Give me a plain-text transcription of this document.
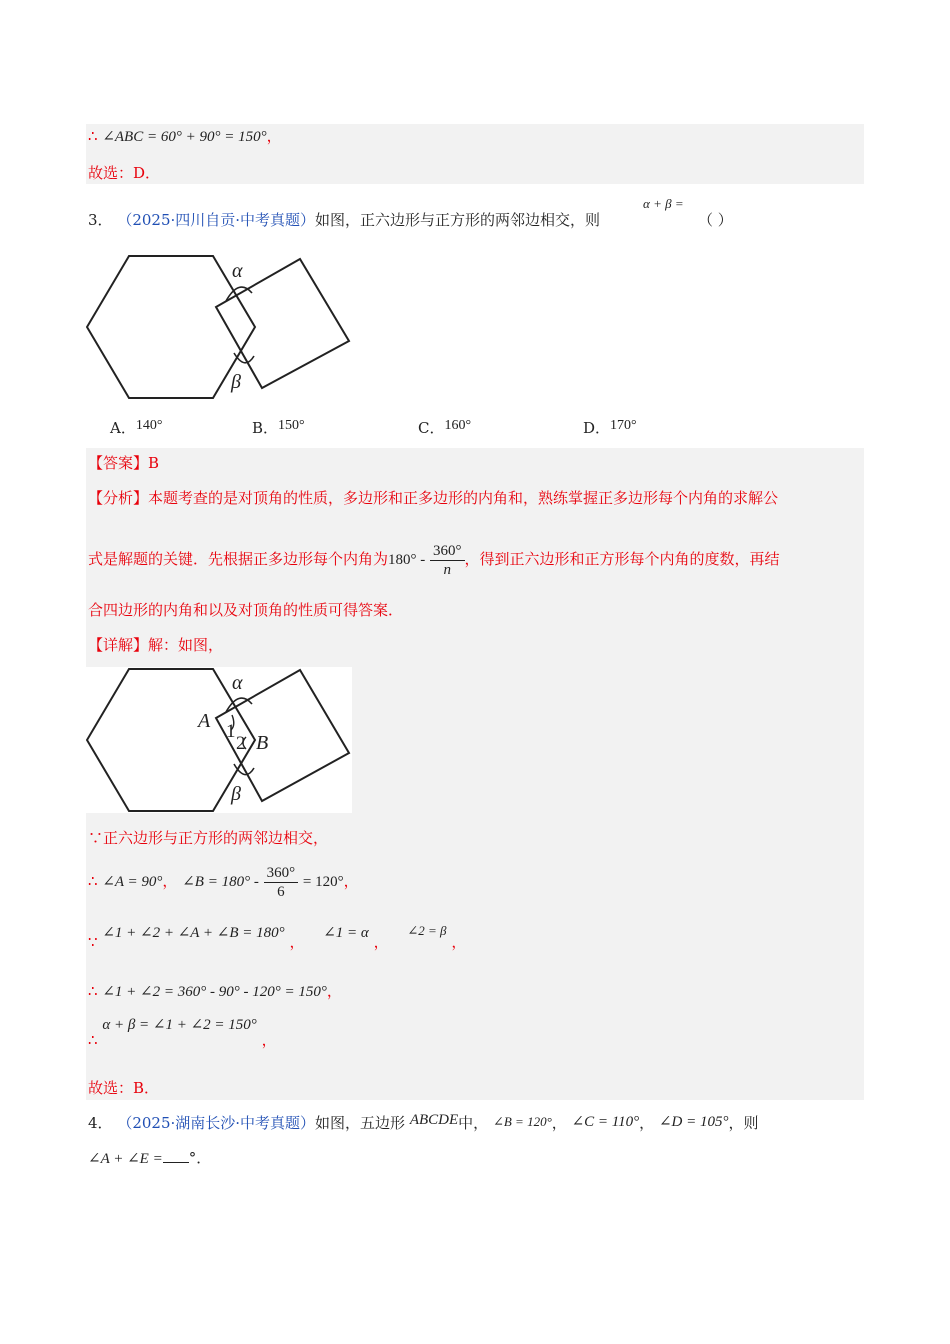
∴ ∠ABC = 60° + 90° = 150°，
故选：D．
3． （2025·四川自贡·中考真题）如图，正六边形与正方形的两邻边相交，则
α + β =
（ ）
α
β
A．140°	B．150°	C．160°	D．170°
【答案】B
【分析】本题考查的是对顶角的性质，多边形和正多边形的内角和，熟练掌握正多边形每个内角的求解公
式是解题的关键．先根据正多边形每个内角为$180^\circ - \frac{360^\circ}{n}$ ，得到正六边形和正方形每个内角的度数，再结
合四边形的内角和以及对顶角的性质可得答案．
【详解】解：如图，
α
A 1
2 B
β
∵正六边形与正方形的两邻边相交，
∴ ∠A = 90°， ∠B = $180^\circ - \frac{360^\circ}{6} = 120^\circ$，
∵ ∠1 + ∠2 + ∠A + ∠B = 180° ， ∠1 = α ， ∠2 = β ，
∴ ∠1 + ∠2 = 360° - 90° - 120° = 150°，
∴ α + β = ∠1 + ∠2 = 150° ，
故选：B．
4． （2025·湖南长沙·中考真题）如图，五边形 ABCDE中， ∠B = 120°， ∠C = 110°， ∠D = 105°，则
∠A + ∠E = °．
